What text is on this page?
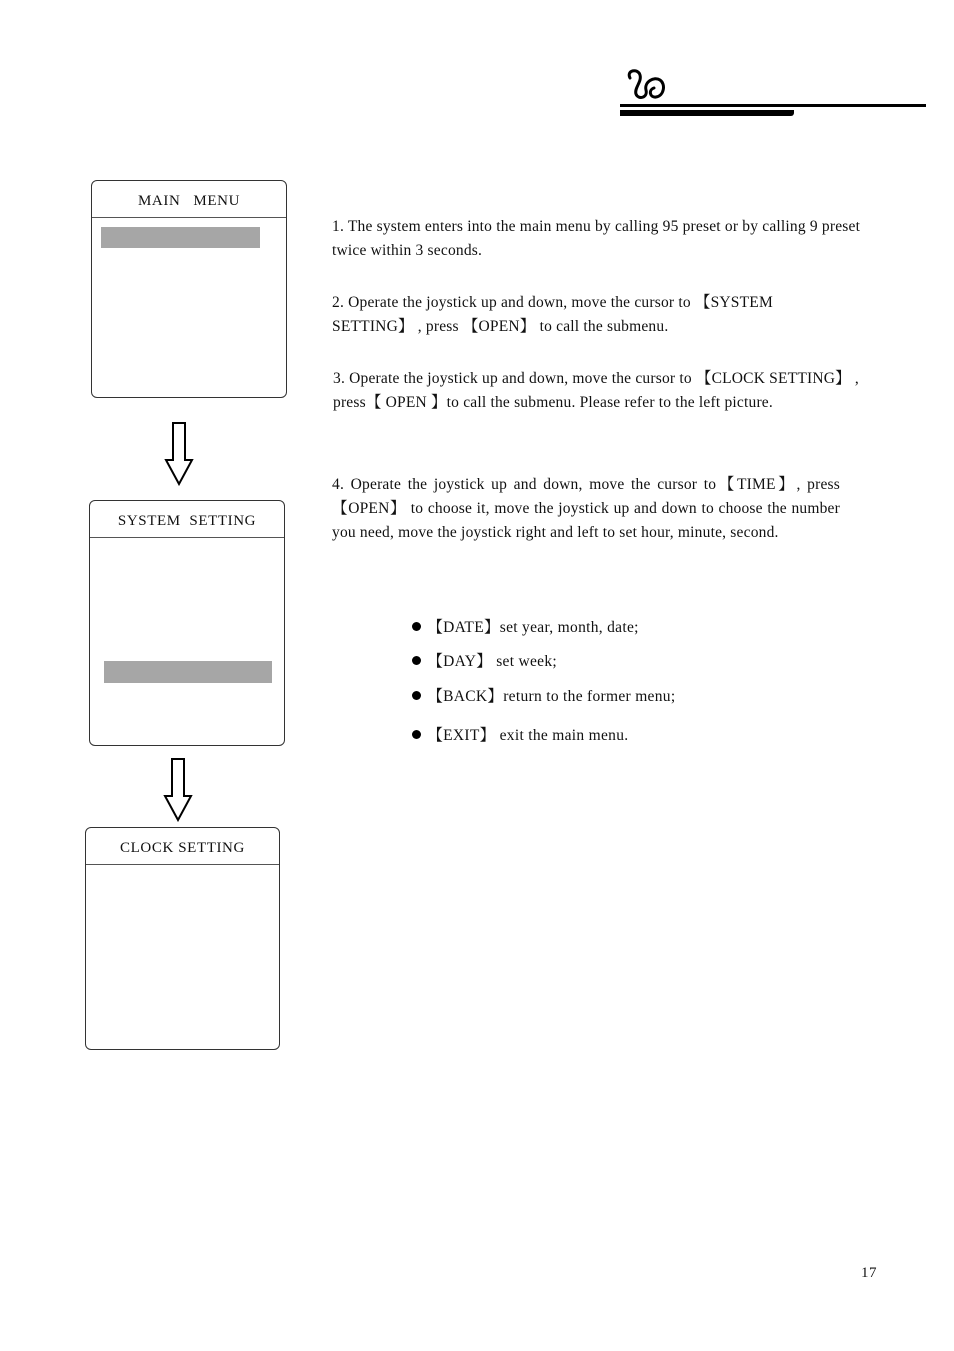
MAIN   MENU
SYSTEM  SETTING
CLOCK SETTING

1. The system enters into the main menu by calling 95 preset or by calling 9 preset twice within 3 seconds.

2. Operate the joystick up and down, move the cursor to 【SYSTEM SETTING】 , press 【OPEN】 to call the submenu.

3. Operate the joystick up and down, move the cursor to 【CLOCK SETTING】 , press【 OPEN 】to call the submenu. Please refer to the left picture.

4. Operate the joystick up and down, move the cursor to【TIME】, press 【OPEN】 to choose it, move the joystick up and down to choose the number you need, move the joystick right and left to set hour, minute, second.

【DATE】set year, month, date;

【DAY】 set week;

【BACK】return to the former menu;

【EXIT】 exit the main menu.

17
